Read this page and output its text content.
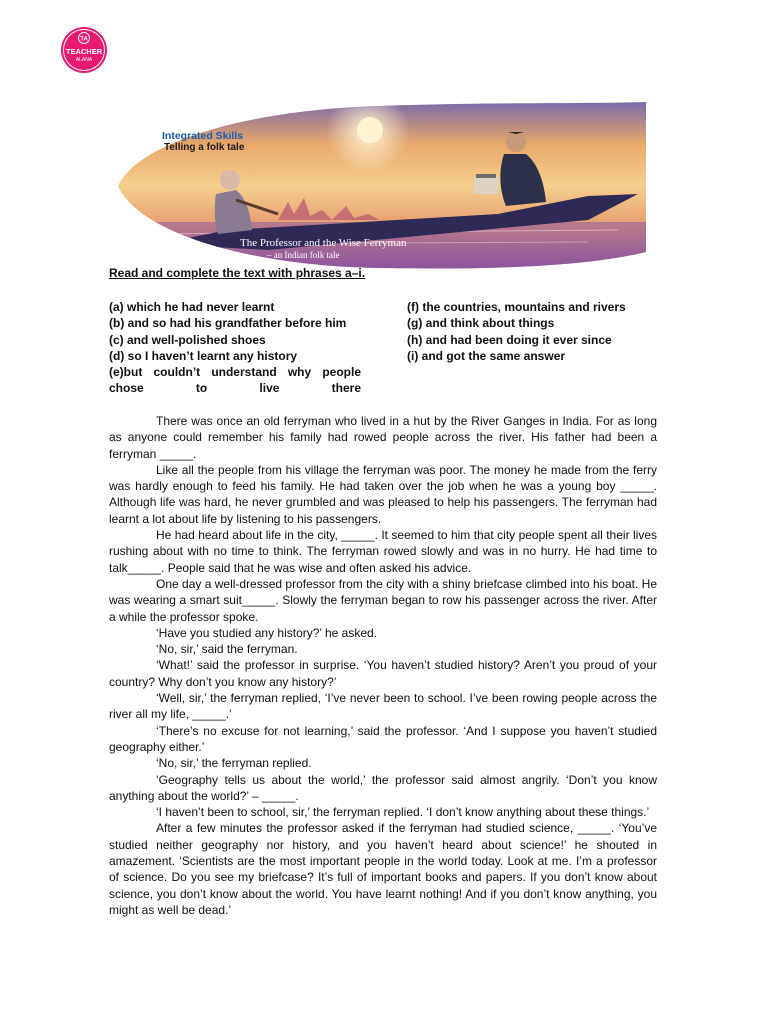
TA
TEACHER
ALANA
Integrated Skills
Telling a folk tale
The Professor and the Wise Ferryman
– an Indian folk tale
Read and complete the text with phrases a–i.
(a) which he had never learnt
(b) and so had his grandfather before him
(c) and well-polished shoes
(d) so I haven’t learnt any history
(e)but couldn’t understand why people chose to live there
(f) the countries, mountains and rivers
(g) and think about things
(h) and had been doing it ever since
(i) and got the same answer

There was once an old ferryman who lived in a hut by the River Ganges in India. For as long as anyone could remember his family had rowed people across the river. His father had been a ferryman _____.

Like all the people from his village the ferryman was poor. The money he made from the ferry was hardly enough to feed his family. He had taken over the job when he was a young boy _____. Although life was hard, he never grumbled and was pleased to help his passengers. The ferryman had learnt a lot about life by listening to his passengers.

He had heard about life in the city, _____. It seemed to him that city people spent all their lives rushing about with no time to think. The ferryman rowed slowly and was in no hurry. He had time to talk_____. People said that he was wise and often asked his advice.

One day a well-dressed professor from the city with a shiny briefcase climbed into his boat. He was wearing a smart suit_____. Slowly the ferryman began to row his passenger across the river. After a while the professor spoke.

‘Have you studied any history?’ he asked.

‘No, sir,’ said the ferryman.

‘What!’ said the professor in surprise. ‘You haven’t studied history? Aren’t you proud of your country? Why don’t you know any history?’

‘Well, sir,’ the ferryman replied, ‘I’ve never been to school. I’ve been rowing people across the river all my life, _____.’

‘There’s no excuse for not learning,’ said the professor. ‘And I suppose you haven’t studied geography either.’

‘No, sir,’ the ferryman replied.

‘Geography tells us about the world,’ the professor said almost angrily. ‘Don’t you know anything about the world?’ – _____.

‘I haven’t been to school, sir,’ the ferryman replied. ‘I don’t know anything about these things.’

After a few minutes the professor asked if the ferryman had studied science, _____. ‘You’ve studied neither geography nor history, and you haven’t heard about science!’ he shouted in amazement. ‘Scientists are the most important people in the world today. Look at me. I’m a professor of science. Do you see my briefcase? It’s full of important books and papers. If you don’t know about science, you don’t know about the world. You have learnt nothing! And if you don’t know anything, you might as well be dead.’
